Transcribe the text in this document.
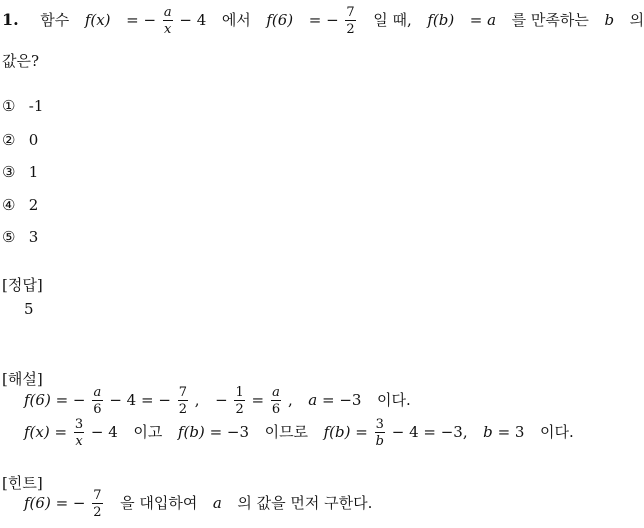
1. 함수 f(x) = − $\frac{a}{x} - 4$ 에서 f(6) = − $\frac{7}{2}$ 일 때, f(b) = a 를 만족하는 b 의
값은?
① -1
② 0
③ 1
④ 2
⑤ 3
[정답]
5
[해설]
f(6) = − $\frac{a}{6} - 4$ = − $\frac{7}{2}$ , − $\frac{1}{2} = \frac{a}{6}$ , a = −3 이다.
$f(x) = \frac{3}{x} - 4$ 이고 f(b) = −3 이므로 $f(b) = \frac{3}{b} - 4 = -3$, b = 3 이다.
[힌트]
f(6) = − $\frac{7}{2}$ 을 대입하여 a 의 값을 먼저 구한다.
